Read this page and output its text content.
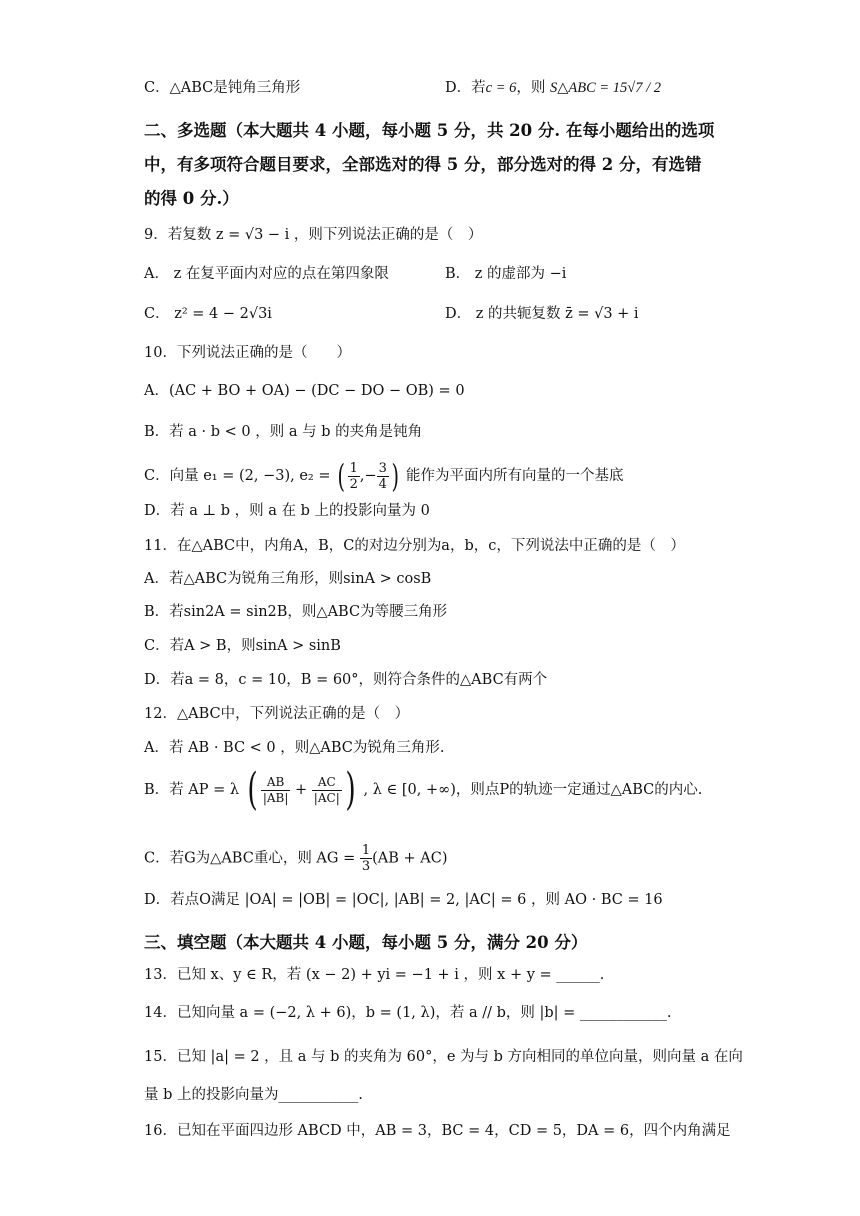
C．△ABC是钝角三角形	D．若c = 6，则 S△ABC = 15√7 / 2
二、多选题（本大题共 4 小题，每小题 5 分，共 20 分. 在每小题给出的选项
中，有多项符合题目要求，全部选对的得 5 分，部分选对的得 2 分，有选错
的得 0 分.）
9．若复数 z = √3 − i ，则下列说法正确的是（　）
A． z 在复平面内对应的点在第四象限	B． z 的虚部为 −i
C． z² = 4 − 2√3i	D． z 的共轭复数 z̄ = √3 + i
10．下列说法正确的是（　　）
A．(AC + BO + OA) − (DC − DO − OB) = 0
B．若 a · b < 0 ，则 a 与 b 的夹角是钝角
C．向量 e₁ = (2, −3), e₂ = ( $\frac{1}{2}$ ,− $\frac{3}{4}$ ) 能作为平面内所有向量的一个基底
D．若 a ⊥ b ，则 a 在 b 上的投影向量为 0
11．在△ABC中，内角A，B，C的对边分别为a，b，c，下列说法中正确的是（　）
A．若△ABC为锐角三角形，则sinA > cosB
B．若sin2A = sin2B，则△ABC为等腰三角形
C．若A > B，则sinA > sinB
D．若a = 8，c = 10，B = 60°，则符合条件的△ABC有两个
12．△ABC中，下列说法正确的是（　）
A．若 AB · BC < 0 ，则△ABC为锐角三角形.
B．若 AP = λ ( $\frac{AB}{|AB|} + \frac{AC}{|AC|}$ ) , λ ∈ [0, +∞)，则点P的轨迹一定通过△ABC的内心.
C．若G为△ABC重心，则 AG = $\frac{1}{3} (AB + AC)$
D．若点O满足 |OA| = |OB| = |OC|, |AB| = 2, |AC| = 6 ，则 AO · BC = 16
三、填空题（本大题共 4 小题，每小题 5 分，满分 20 分）
13．已知 x、y ∈ R，若 (x − 2) + yi = −1 + i ，则 x + y = ______.
14．已知向量 a = (−2, λ + 6)，b = (1, λ)，若 a // b，则 |b| = ____________.
15．已知 |a| = 2 ，且 a 与 b 的夹角为 60°，e 为与 b 方向相同的单位向量，则向量 a 在向
量 b 上的投影向量为___________.
16．已知在平面四边形 ABCD 中，AB = 3，BC = 4，CD = 5，DA = 6，四个内角满足
